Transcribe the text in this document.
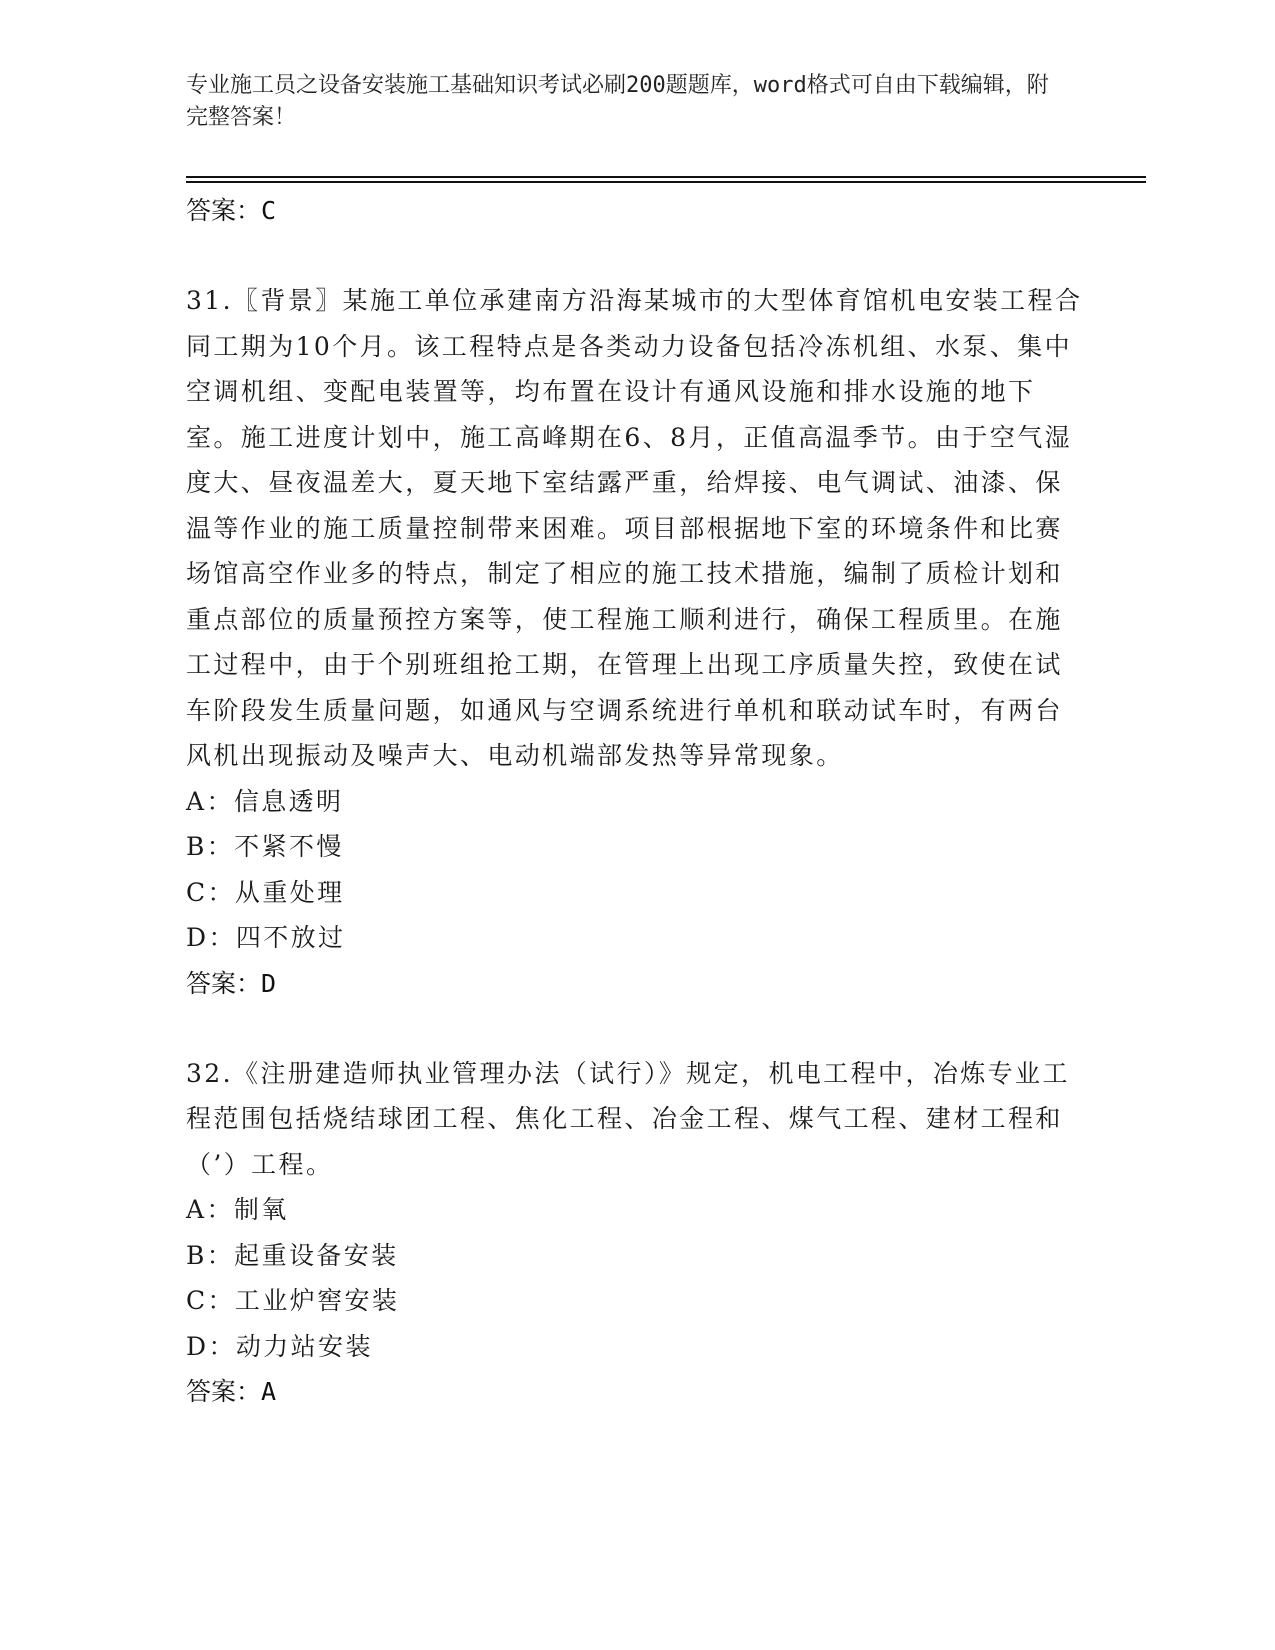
专业施工员之设备安装施工基础知识考试必刷200题题库，word格式可自由下载编辑，附完整答案！
答案：C
31.〖背景〗某施工单位承建南方沿海某城市的大型体育馆机电安装工程合同工期为10个月。该工程特点是各类动力设备包括冷冻机组、水泵、集中空调机组、变配电装置等，均布置在设计有通风设施和排水设施的地下室。施工进度计划中，施工高峰期在6、8月，正值高温季节。由于空气湿度大、昼夜温差大，夏天地下室结露严重，给焊接、电气调试、油漆、保温等作业的施工质量控制带来困难。项目部根据地下室的环境条件和比赛场馆高空作业多的特点，制定了相应的施工技术措施，编制了质检计划和重点部位的质量预控方案等，使工程施工顺利进行，确保工程质里。在施工过程中，由于个别班组抢工期，在管理上出现工序质量失控，致使在试车阶段发生质量问题，如通风与空调系统进行单机和联动试车时，有两台风机出现振动及噪声大、电动机端部发热等异常现象。
A：信息透明
B：不紧不慢
C：从重处理
D：四不放过
答案：D
32.《注册建造师执业管理办法（试行）》规定，机电工程中，冶炼专业工程范围包括烧结球团工程、焦化工程、冶金工程、煤气工程、建材工程和（’）工程。
A：制氧
B：起重设备安装
C：工业炉窖安装
D：动力站安装
答案：A
